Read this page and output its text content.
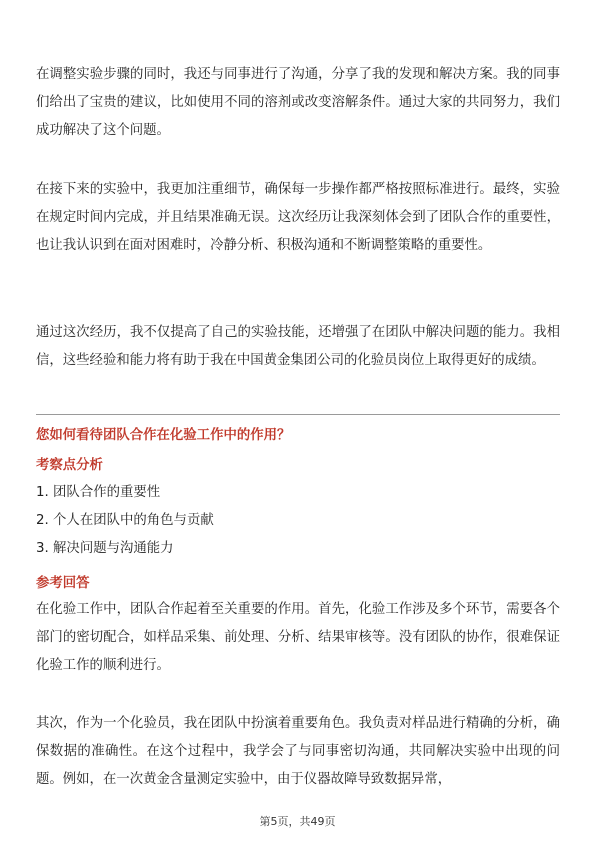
在调整实验步骤的同时，我还与同事进行了沟通，分享了我的发现和解决方案。我的同事们给出了宝贵的建议，比如使用不同的溶剂或改变溶解条件。通过大家的共同努力，我们成功解决了这个问题。

在接下来的实验中，我更加注重细节，确保每一步操作都严格按照标准进行。最终，实验在规定时间内完成，并且结果准确无误。这次经历让我深刻体会到了团队合作的重要性，也让我认识到在面对困难时，冷静分析、积极沟通和不断调整策略的重要性。

通过这次经历，我不仅提高了自己的实验技能，还增强了在团队中解决问题的能力。我相信，这些经验和能力将有助于我在中国黄金集团公司的化验员岗位上取得更好的成绩。

您如何看待团队合作在化验工作中的作用？

考察点分析

1. 团队合作的重要性

2. 个人在团队中的角色与贡献

3. 解决问题与沟通能力

参考回答

在化验工作中，团队合作起着至关重要的作用。首先，化验工作涉及多个环节，需要各个部门的密切配合，如样品采集、前处理、分析、结果审核等。没有团队的协作，很难保证化验工作的顺利进行。

其次，作为一个化验员，我在团队中扮演着重要角色。我负责对样品进行精确的分析，确保数据的准确性。在这个过程中，我学会了与同事密切沟通，共同解决实验中出现的问题。例如，在一次黄金含量测定实验中，由于仪器故障导致数据异常，

第5页，共49页
